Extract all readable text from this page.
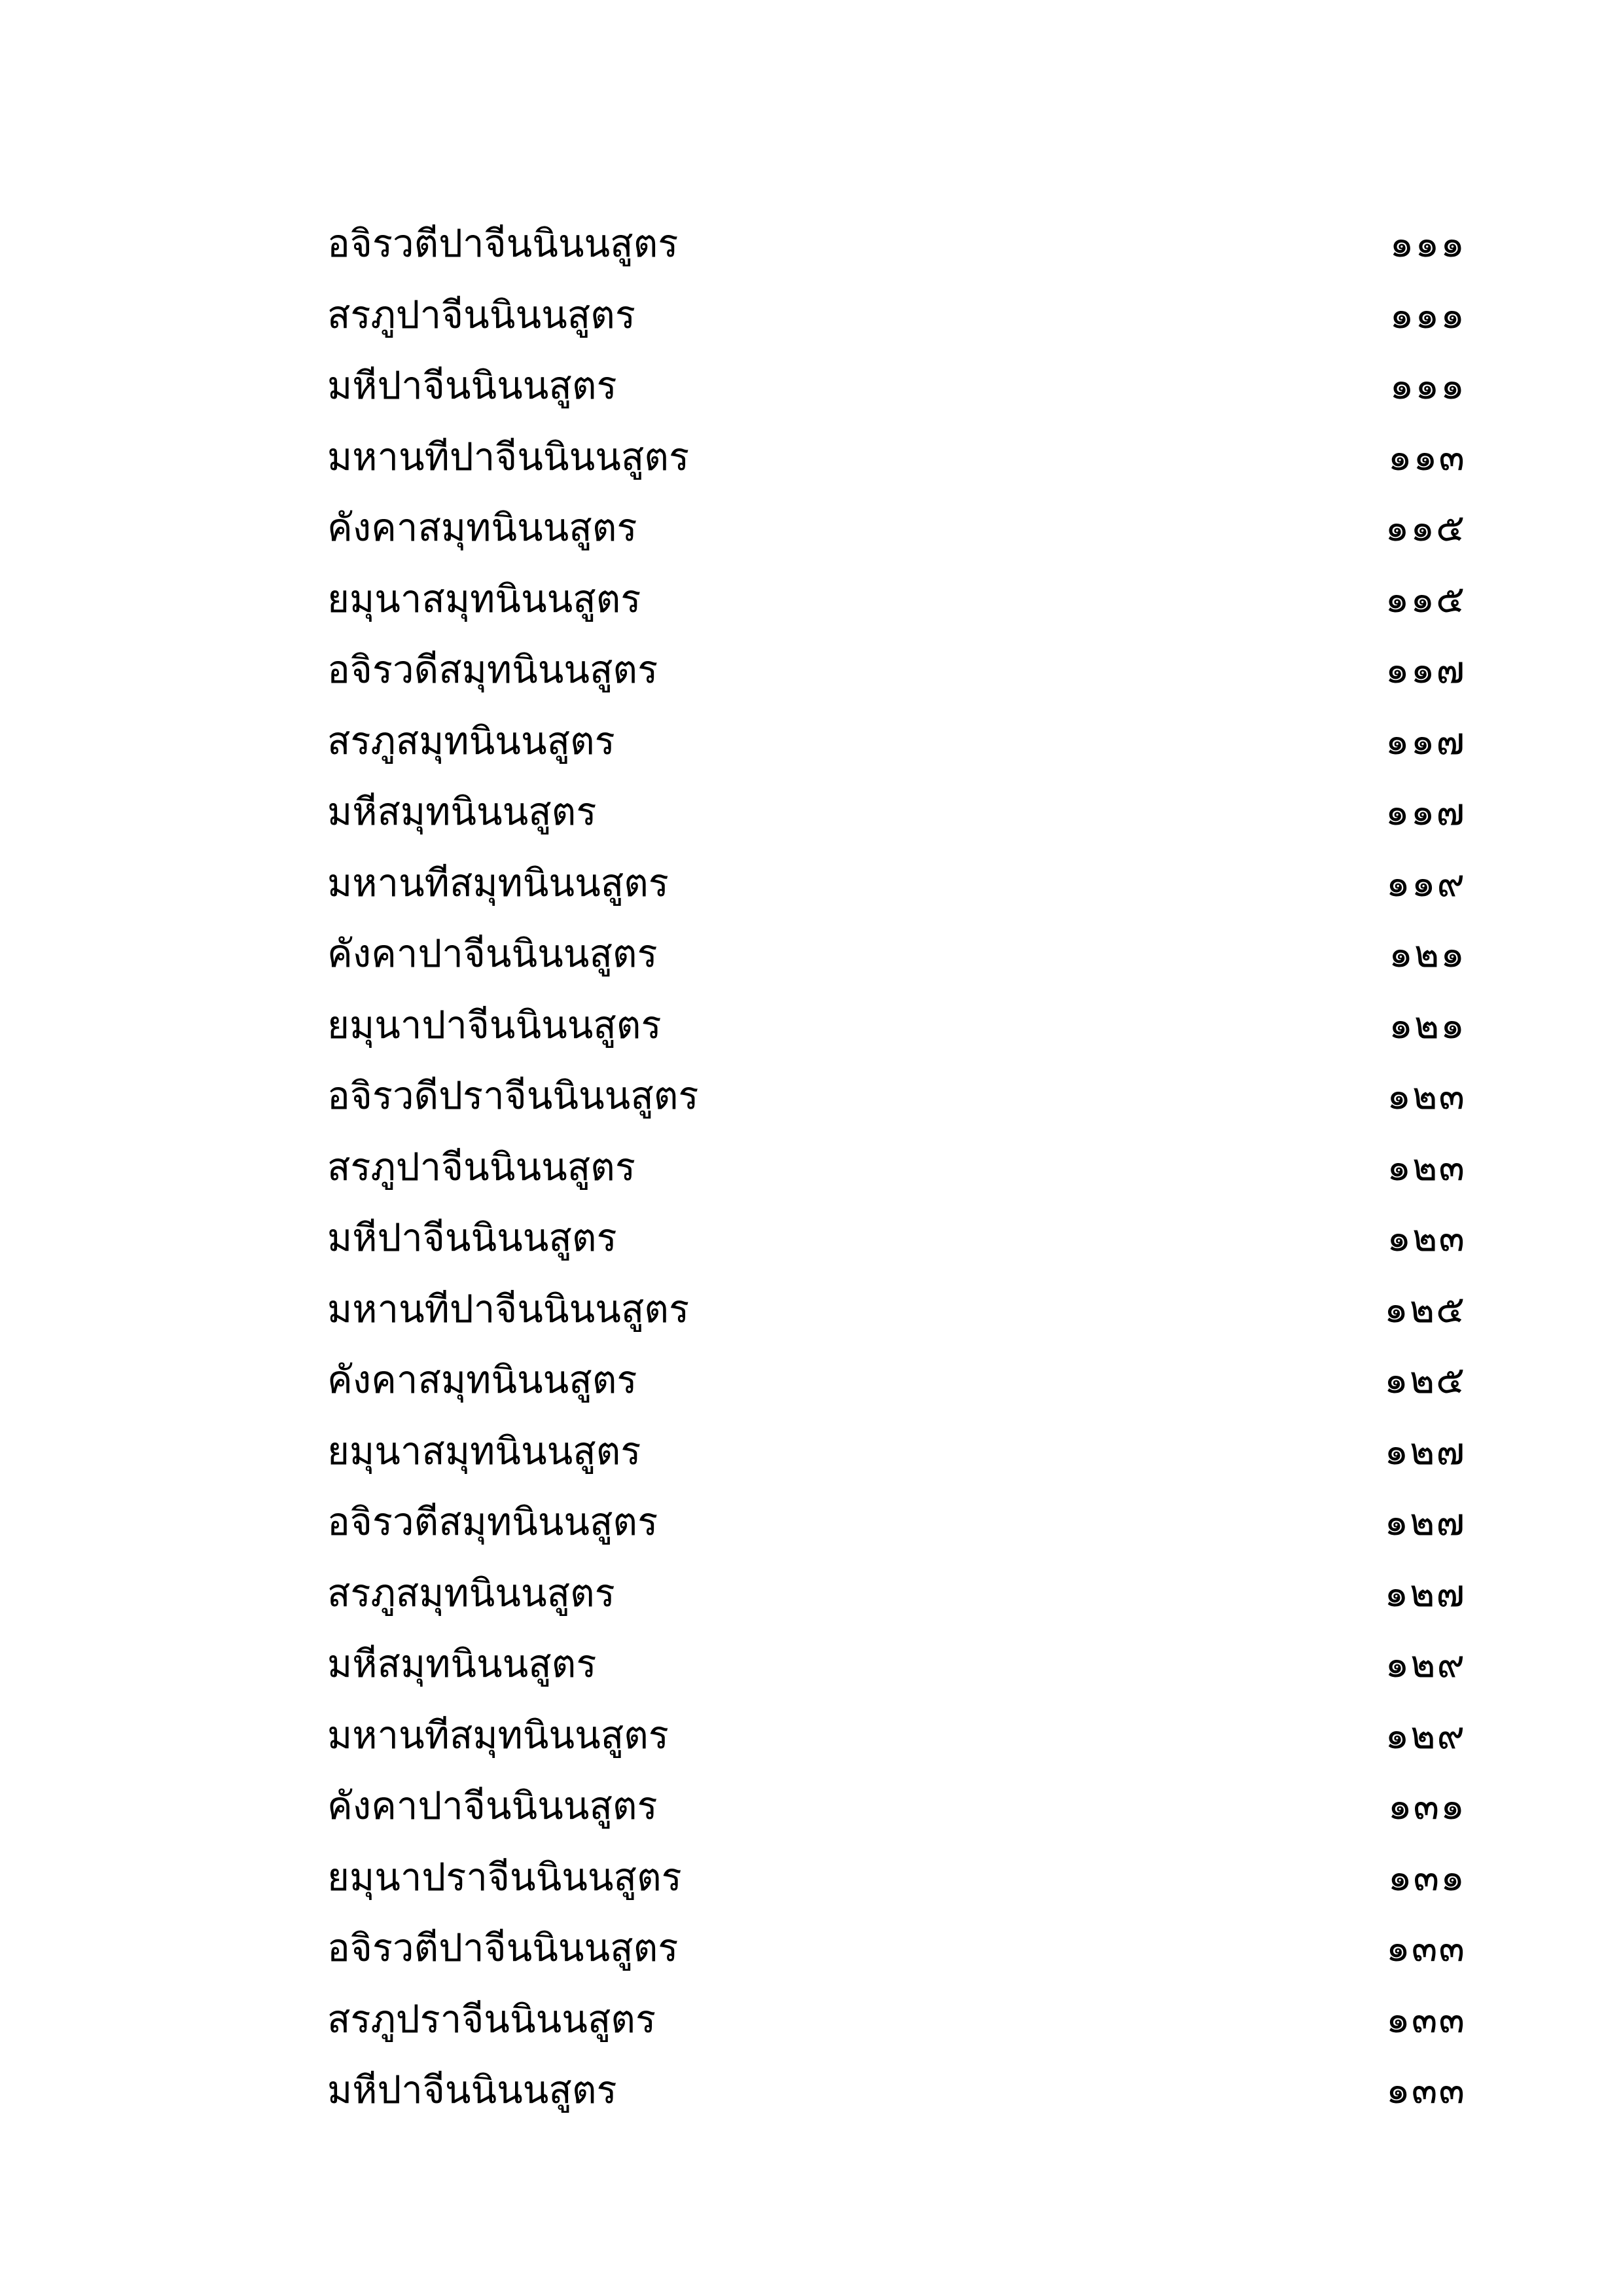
อจิรวตีปาจีนนินนสูตร	๑๑๑
สรภูปาจีนนินนสูตร	๑๑๑
มหีปาจีนนินนสูตร	๑๑๑
มหานทีปาจีนนินนสูตร	๑๑๓
คังคาสมุทนินนสูตร	๑๑๕
ยมุนาสมุทนินนสูตร	๑๑๕
อจิรวดีสมุทนินนสูตร	๑๑๗
สรภูสมุทนินนสูตร	๑๑๗
มหีสมุทนินนสูตร	๑๑๗
มหานทีสมุทนินนสูตร	๑๑๙
คังคาปาจีนนินนสูตร	๑๒๑
ยมุนาปาจีนนินนสูตร	๑๒๑
อจิรวดีปราจีนนินนสูตร	๑๒๓
สรภูปาจีนนินนสูตร	๑๒๓
มหีปาจีนนินนสูตร	๑๒๓
มหานทีปาจีนนินนสูตร	๑๒๕
คังคาสมุทนินนสูตร	๑๒๕
ยมุนาสมุทนินนสูตร	๑๒๗
อจิรวตีสมุทนินนสูตร	๑๒๗
สรภูสมุทนินนสูตร	๑๒๗
มหีสมุทนินนสูตร	๑๒๙
มหานทีสมุทนินนสูตร	๑๒๙
คังคาปาจีนนินนสูตร	๑๓๑
ยมุนาปราจีนนินนสูตร	๑๓๑
อจิรวตีปาจีนนินนสูตร	๑๓๓
สรภูปราจีนนินนสูตร	๑๓๓
มหีปาจีนนินนสูตร	๑๓๓
